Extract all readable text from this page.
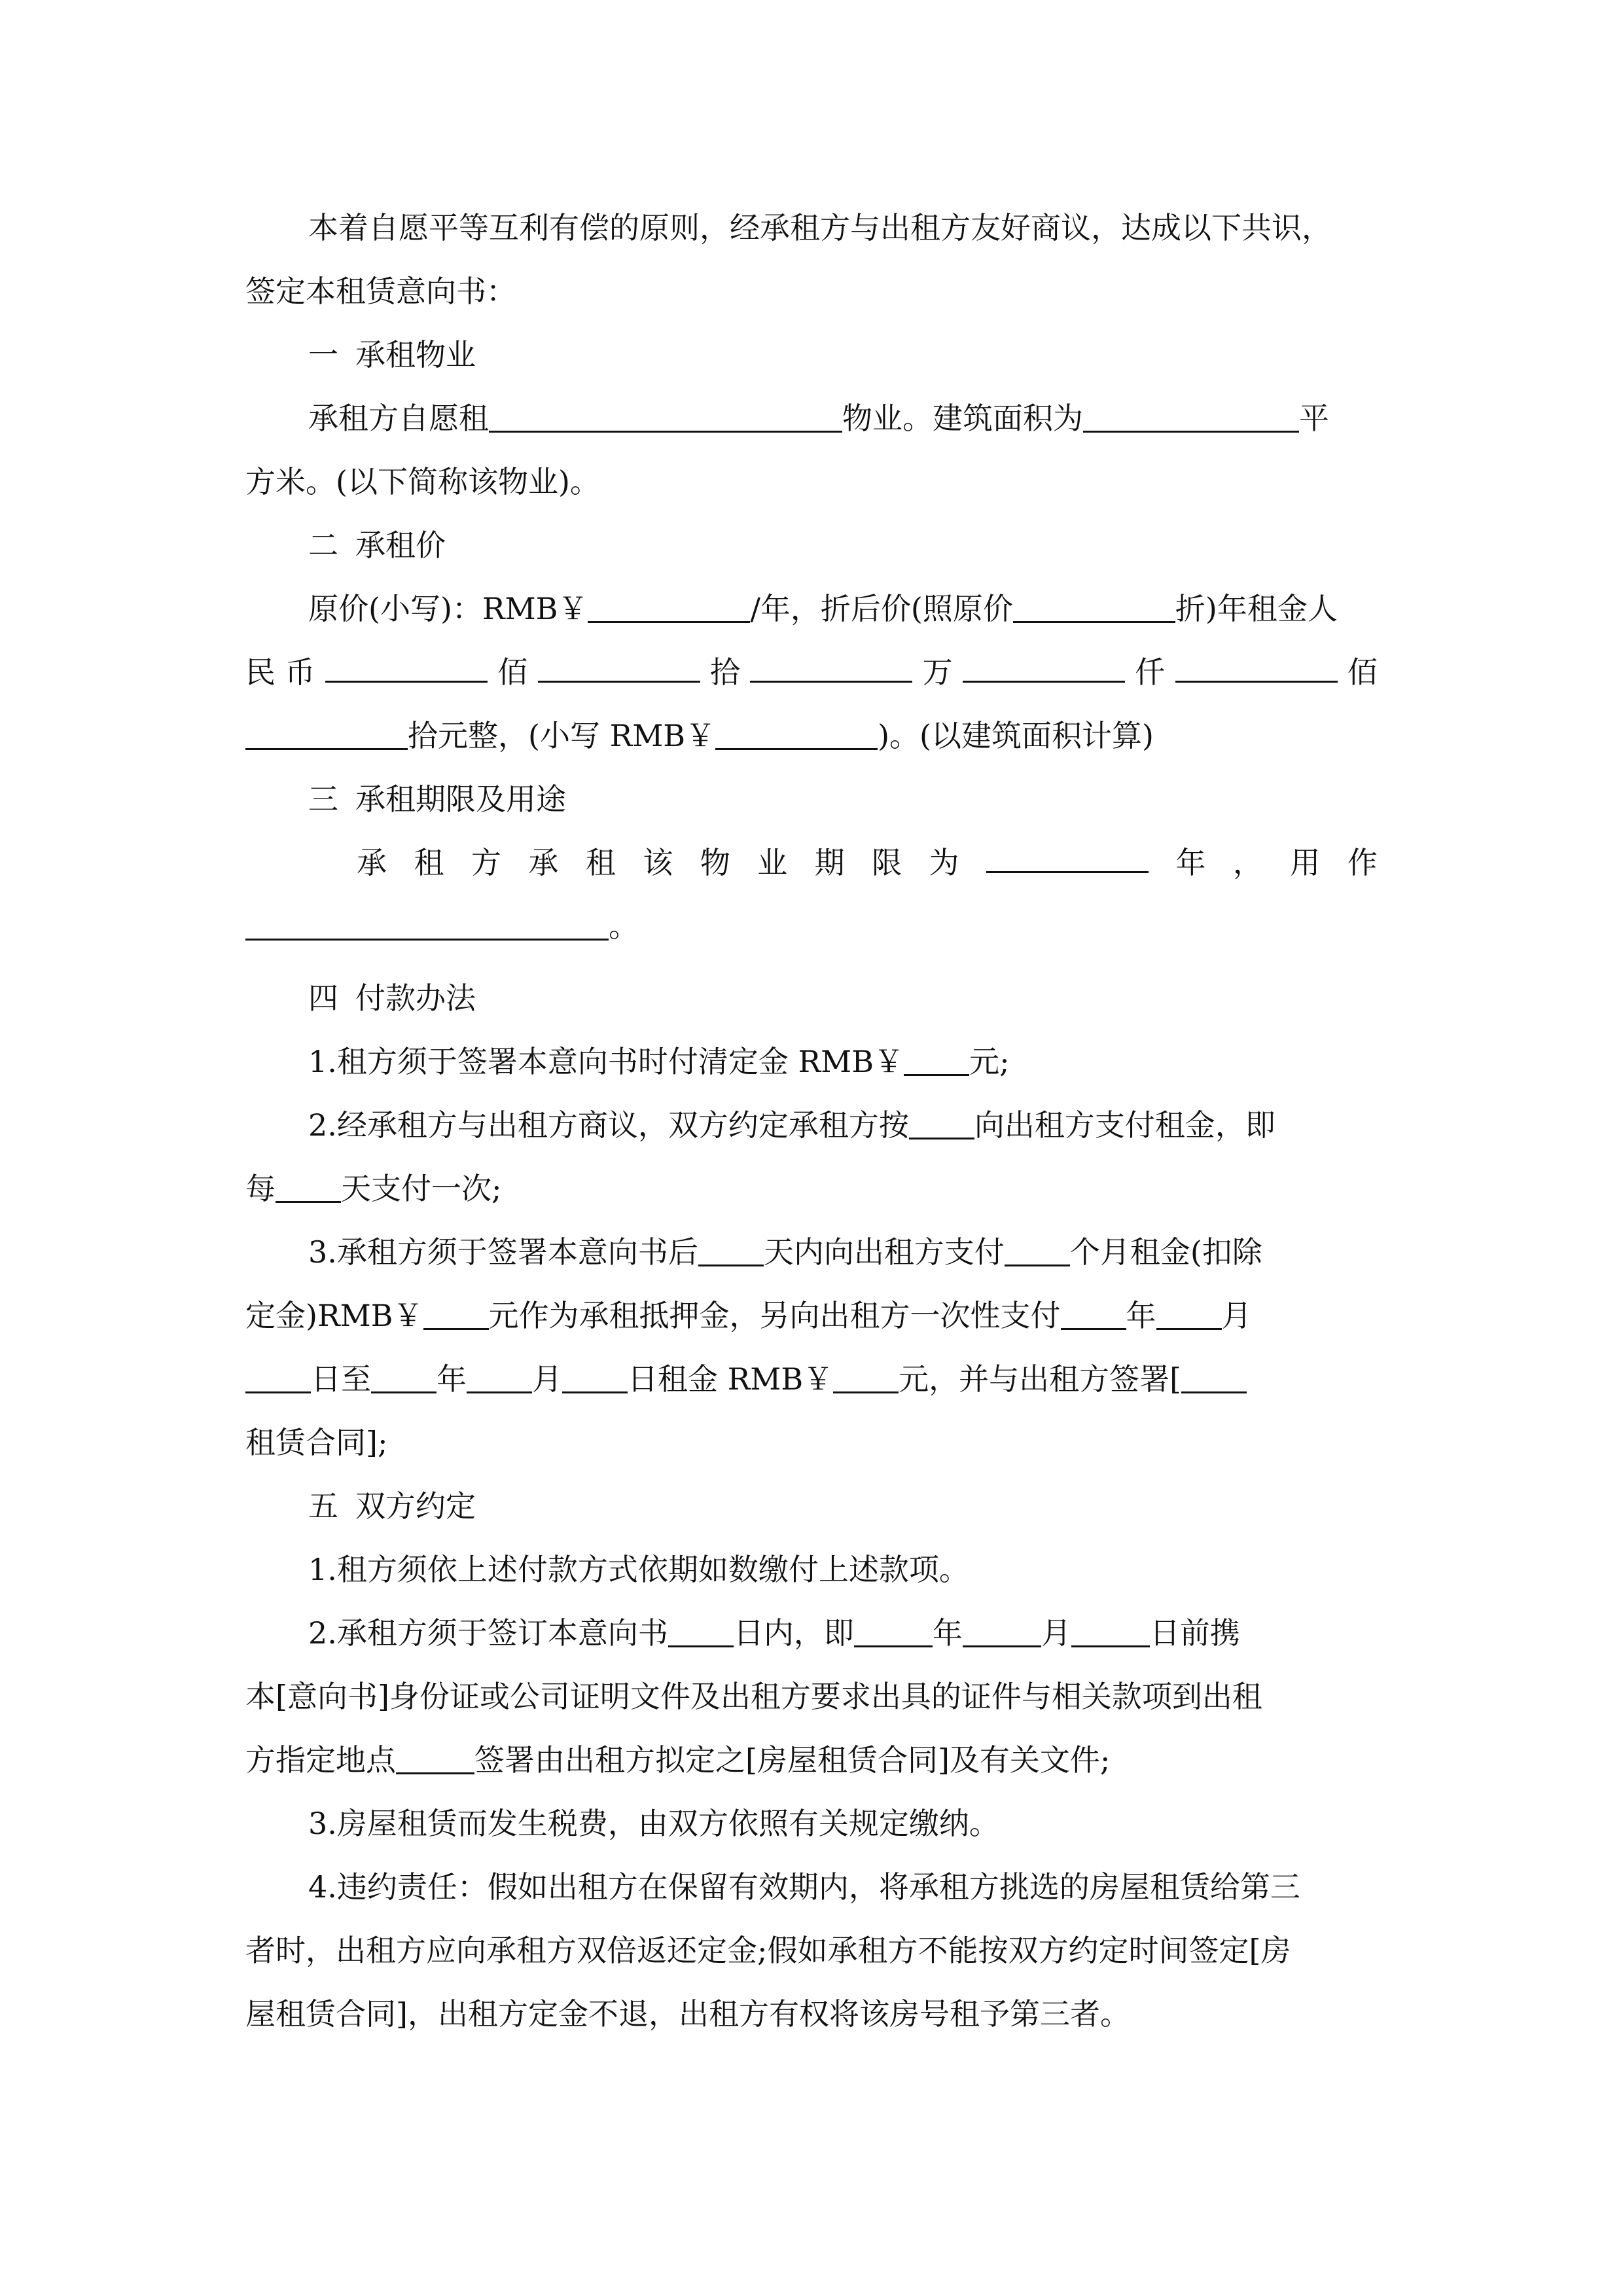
本着自愿平等互利有偿的原则，经承租方与出租方友好商议，达成以下共识，
签定本租赁意向书：
一 承租物业
承租方自愿租	物业。建筑面积为	平
方米。(以下简称该物业)。
二 承租价
原价(小写)：RMB￥	/年，折后价(照原价	折)年租金人
民 币	佰	拾	万	仟	佰
拾元整，(小写 RMB￥	)。(以建筑面积计算)
三 承租期限及用途
承 租 方 承 租 该 物 业 期 限 为	年 ， 用 作
。
四 付款办法
1.租方须于签署本意向书时付清定金 RMB￥ 元;
2.经承租方与出租方商议，双方约定承租方按 向出租方支付租金，即
每 天支付一次;
3.承租方须于签署本意向书后 天内向出租方支付 个月租金(扣除
定金)RMB￥ 元作为承租抵押金，另向出租方一次性支付 年 月
日至 年 月 日租金 RMB￥ 元，并与出租方签署[
租赁合同];
五 双方约定
1.租方须依上述付款方式依期如数缴付上述款项。
2.承租方须于签订本意向书 日内，即	年	月	日前携
本[意向书]身份证或公司证明文件及出租方要求出具的证件与相关款项到出租
方指定地点	签署由出租方拟定之[房屋租赁合同]及有关文件;
3.房屋租赁而发生税费，由双方依照有关规定缴纳。
4.违约责任：假如出租方在保留有效期内，将承租方挑选的房屋租赁给第三
者时，出租方应向承租方双倍返还定金;假如承租方不能按双方约定时间签定[房
屋租赁合同]，出租方定金不退，出租方有权将该房号租予第三者。
